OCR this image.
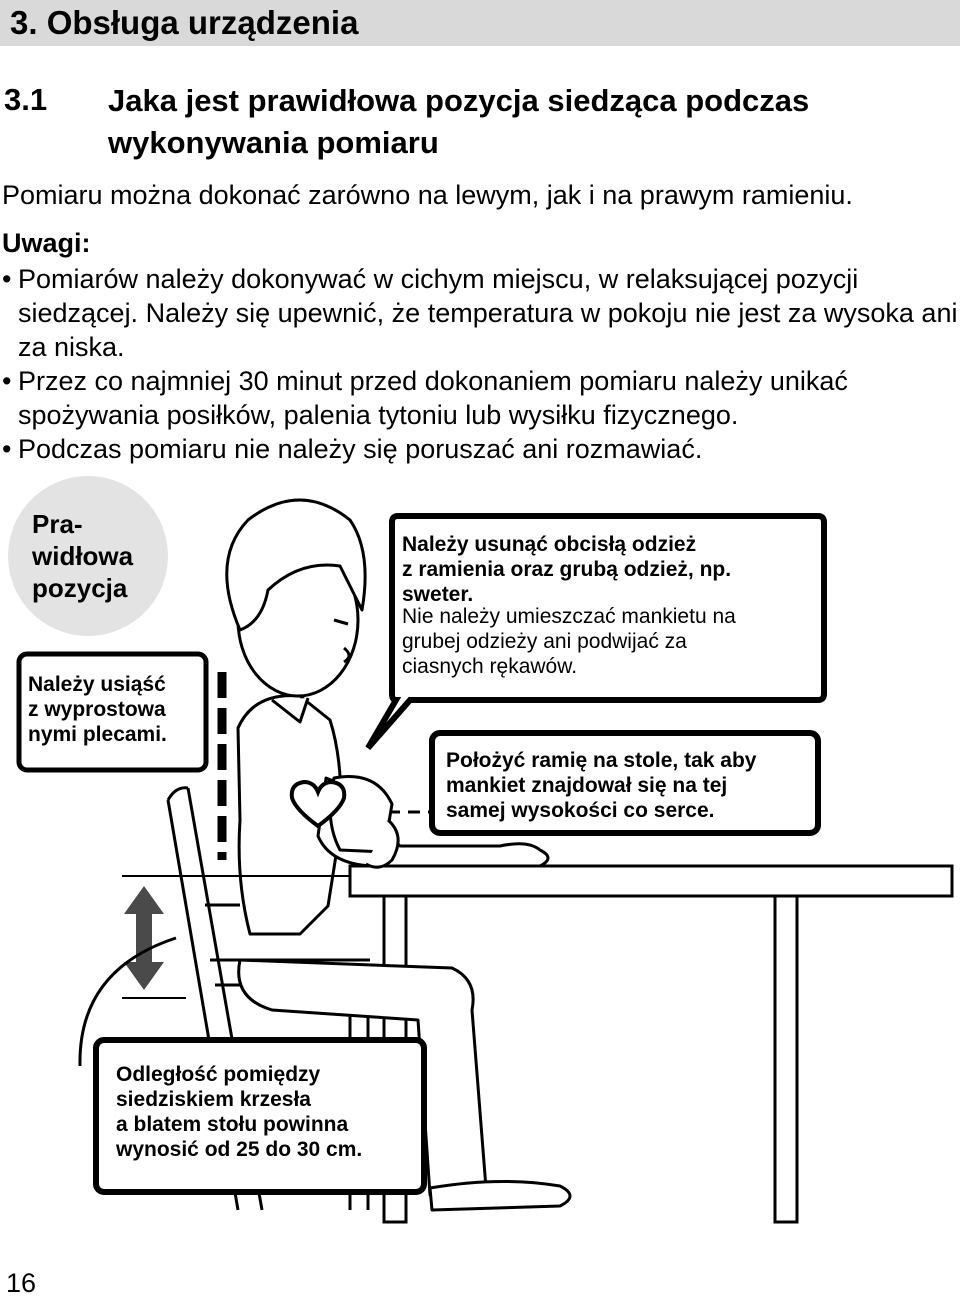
3. Obsługa urządzenia
3.1 Jaka jest prawidłowa pozycja siedząca podczas wykonywania pomiaru
Pomiaru można dokonać zarówno na lewym, jak i na prawym ramieniu.
Uwagi:
• Pomiarów należy dokonywać w cichym miejscu, w relaksującej pozycji siedzącej. Należy się upewnić, że temperatura w pokoju nie jest za wysoka ani za niska.
• Przez co najmniej 30 minut przed dokonaniem pomiaru należy unikać spożywania posiłków, palenia tytoniu lub wysiłku fizycznego.
• Podczas pomiaru nie należy się poruszać ani rozmawiać.
Pra-
widłowa
pozycja
Należy usiąść
z wyprostowa
nymi plecami.
Należy usunąć obcisłą odzież
z ramienia oraz grubą odzież, np.
sweter.
Nie należy umieszczać mankietu na
grubej odzieży ani podwijać za
ciasnych rękawów.
Położyć ramię na stole, tak aby
mankiet znajdował się na tej
samej wysokości co serce.
Odległość pomiędzy
siedziskiem krzesła
a blatem stołu powinna
wynosić od 25 do 30 cm.
16
